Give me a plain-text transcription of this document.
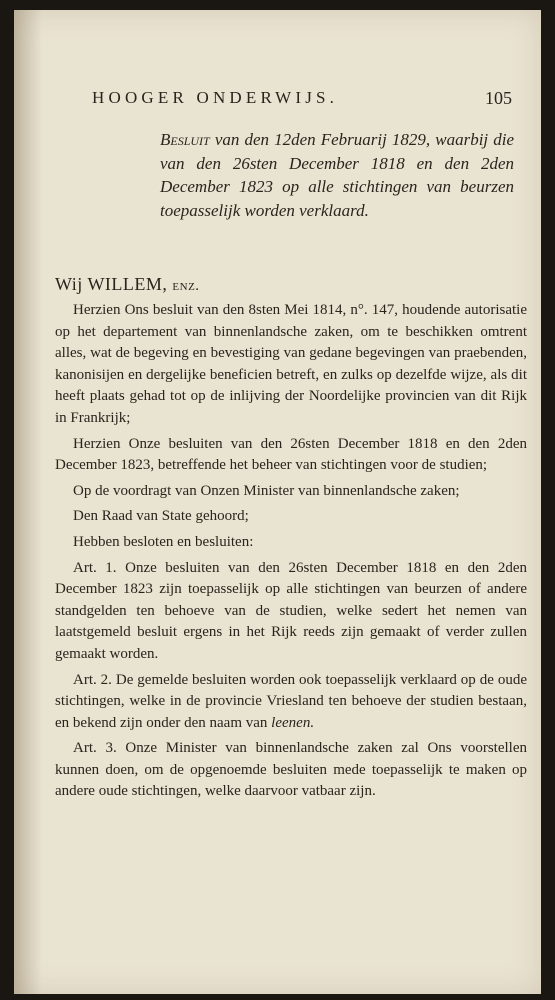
HOOGER ONDERWIJS.	105
Besluit van den 12den Februarij 1829, waarbij die van den 26sten December 1818 en den 2den December 1823 op alle stichtingen van beurzen toepasselijk worden verklaard.
Wij WILLEM, enz.

Herzien Ons besluit van den 8sten Mei 1814, n°. 147, houdende autorisatie op het departement van binnenlandsche zaken, om te beschikken omtrent alles, wat de begeving en bevestiging van gedane begevingen van praebenden, kanonisijen en dergelijke beneficien betreft, en zulks op dezelfde wijze, als dit heeft plaats gehad tot op de inlijving der Noordelijke provincien van dit Rijk in Frankrijk;

Herzien Onze besluiten van den 26sten December 1818 en den 2den December 1823, betreffende het beheer van stichtingen voor de studien;

Op de voordragt van Onzen Minister van binnenlandsche zaken;

Den Raad van State gehoord;

Hebben besloten en besluiten:

Art. 1. Onze besluiten van den 26sten December 1818 en den 2den December 1823 zijn toepasselijk op alle stichtingen van beurzen of andere standgelden ten behoeve van de studien, welke sedert het nemen van laatstgemeld besluit ergens in het Rijk reeds zijn gemaakt of verder zullen gemaakt worden.

Art. 2. De gemelde besluiten worden ook toepasselijk verklaard op de oude stichtingen, welke in de provincie Vriesland ten behoeve der studien bestaan, en bekend zijn onder den naam van leenen.

Art. 3. Onze Minister van binnenlandsche zaken zal Ons voorstellen kunnen doen, om de opgenoemde besluiten mede toepasselijk te maken op andere oude stichtingen, welke daarvoor vatbaar zijn.
